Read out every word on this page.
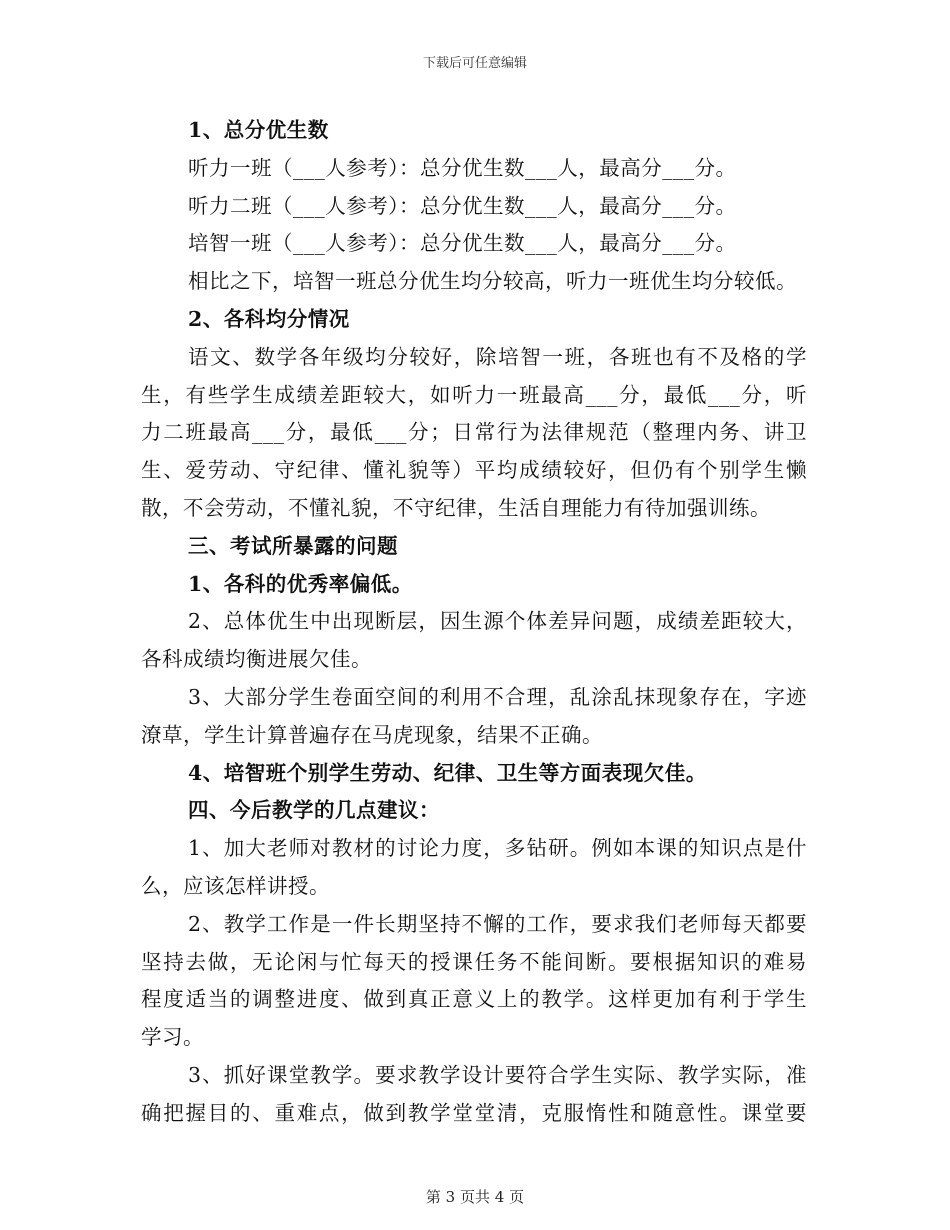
下载后可任意编辑
1、总分优生数
听力一班（___人参考）：总分优生数___人，最高分___分。
听力二班（___人参考）：总分优生数___人，最高分___分。
培智一班（___人参考）：总分优生数___人，最高分___分。
相比之下，培智一班总分优生均分较高，听力一班优生均分较低。
2、各科均分情况
语文、数学各年级均分较好，除培智一班，各班也有不及格的学
生，有些学生成绩差距较大，如听力一班最高___分，最低___分，听
力二班最高___分，最低___分；日常行为法律规范（整理内务、讲卫
生、爱劳动、守纪律、懂礼貌等）平均成绩较好，但仍有个别学生懒
散，不会劳动，不懂礼貌，不守纪律，生活自理能力有待加强训练。
三、考试所暴露的问题
1、各科的优秀率偏低。
2、总体优生中出现断层，因生源个体差异问题，成绩差距较大，
各科成绩均衡进展欠佳。
3、大部分学生卷面空间的利用不合理，乱涂乱抹现象存在，字迹
潦草，学生计算普遍存在马虎现象，结果不正确。
4、培智班个别学生劳动、纪律、卫生等方面表现欠佳。
四、今后教学的几点建议：
1、加大老师对教材的讨论力度，多钻研。例如本课的知识点是什
么，应该怎样讲授。
2、教学工作是一件长期坚持不懈的工作，要求我们老师每天都要
坚持去做，无论闲与忙每天的授课任务不能间断。要根据知识的难易
程度适当的调整进度、做到真正意义上的教学。这样更加有利于学生
学习。
3、抓好课堂教学。要求教学设计要符合学生实际、教学实际，准
确把握目的、重难点，做到教学堂堂清，克服惰性和随意性。课堂要
第 3 页共 4 页
